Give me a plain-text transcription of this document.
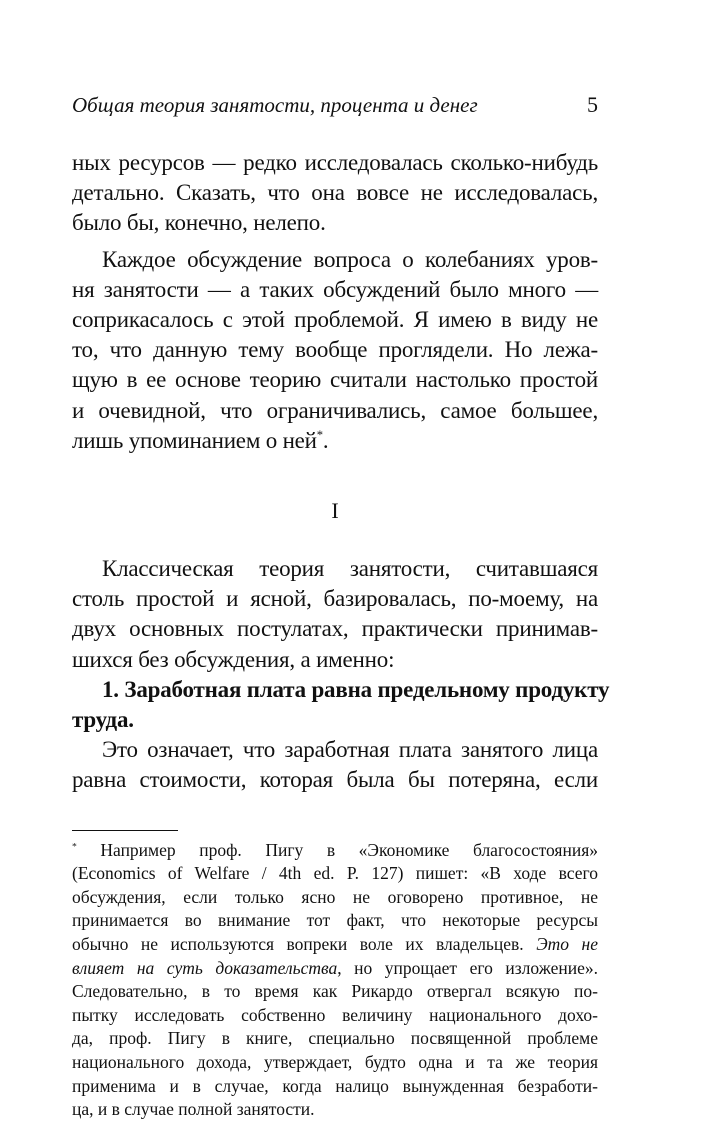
Общая теория занятости, процента и денег	5

ных ресурсов — редко исследовалась сколько-нибудь
детально. Сказать, что она вовсе не исследовалась,
было бы, конечно, нелепо.

Каждое обсуждение вопроса о колебаниях уров-
ня занятости — а таких обсуждений было много —
соприкасалось с этой проблемой. Я имею в виду не
то, что данную тему вообще проглядели. Но лежа-
щую в ее основе теорию считали настолько простой
и очевидной, что ограничивались, самое большее,
лишь упоминанием о ней*.

I

Классическая теория занятости, считавшаяся
столь простой и ясной, базировалась, по-моему, на
двух основных постулатах, практически принимав-
шихся без обсуждения, а именно:

1. Заработная плата равна предельному продукту
труда.

Это означает, что заработная плата занятого лица
равна стоимости, которая была бы потеряна, если

* Например проф. Пигу в «Экономике благосостояния»
(Economics of Welfare / 4th ed. P. 127) пишет: «В ходе всего
обсуждения, если только ясно не оговорено противное, не
принимается во внимание тот факт, что некоторые ресурсы
обычно не используются вопреки воле их владельцев. Это не
влияет на суть доказательства, но упрощает его изложение».
Следовательно, в то время как Рикардо отвергал всякую по-
пытку исследовать собственно величину национального дохо-
да, проф. Пигу в книге, специально посвященной проблеме
национального дохода, утверждает, будто одна и та же теория
применима и в случае, когда налицо вынужденная безработи-
ца, и в случае полной занятости.
